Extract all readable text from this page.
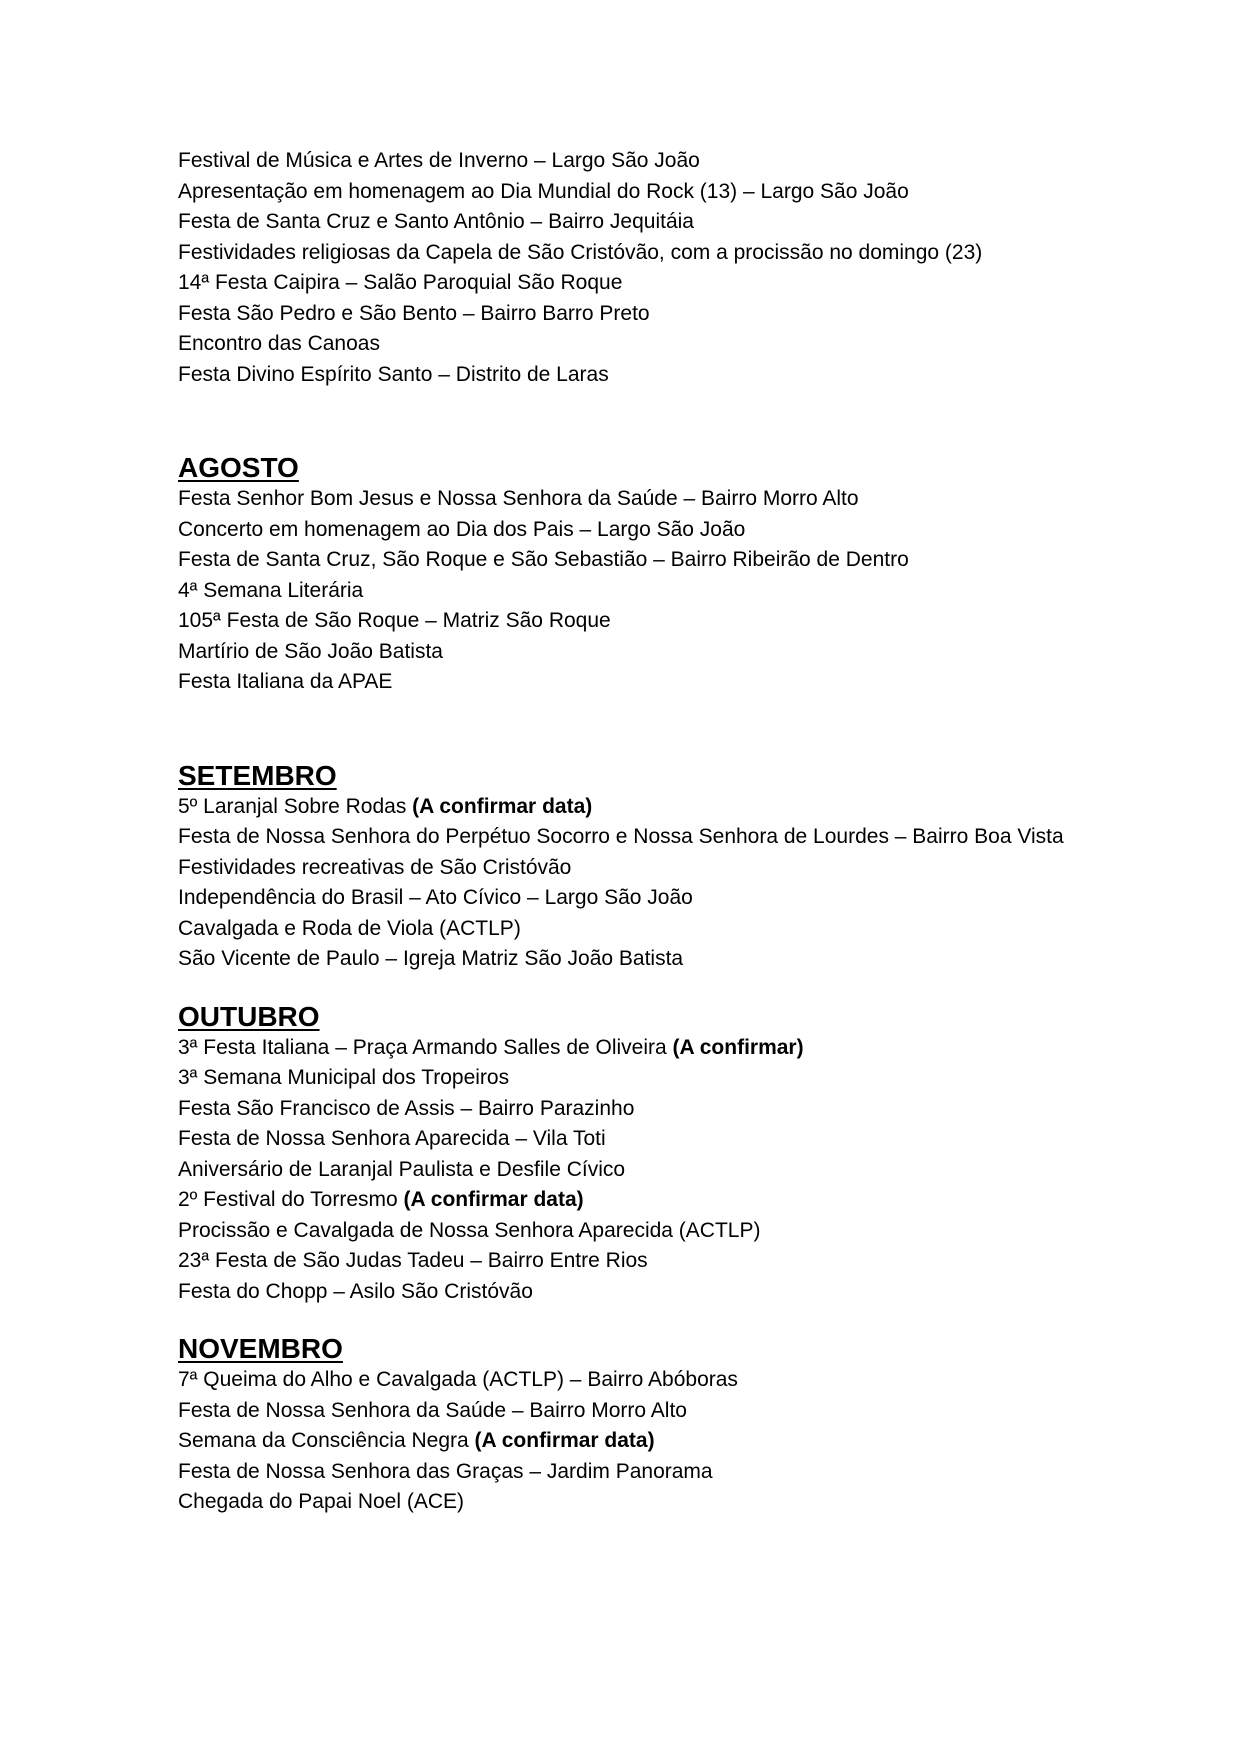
Festival de Música e Artes de Inverno – Largo São João

Apresentação em homenagem ao Dia Mundial do Rock (13) – Largo São João

Festa de Santa Cruz e Santo Antônio – Bairro Jequitáia

Festividades religiosas da Capela de São Cristóvão, com a procissão no domingo (23)

14ª Festa Caipira – Salão Paroquial São Roque

Festa São Pedro e São Bento – Bairro Barro Preto

Encontro das Canoas

Festa Divino Espírito Santo – Distrito de Laras

AGOSTO

Festa Senhor Bom Jesus e Nossa Senhora da Saúde – Bairro Morro Alto

Concerto em homenagem ao Dia dos Pais – Largo São João

Festa de Santa Cruz, São Roque e São Sebastião – Bairro Ribeirão de Dentro

4ª Semana Literária

105ª Festa de São Roque – Matriz São Roque

Martírio de São João Batista

Festa Italiana da APAE

SETEMBRO

5º Laranjal Sobre Rodas (A confirmar data)

Festa de Nossa Senhora do Perpétuo Socorro e Nossa Senhora de Lourdes – Bairro Boa Vista

Festividades recreativas de São Cristóvão

Independência do Brasil – Ato Cívico – Largo São João

Cavalgada e Roda de Viola (ACTLP)

São Vicente de Paulo – Igreja Matriz São João Batista

OUTUBRO

3ª Festa Italiana – Praça Armando Salles de Oliveira (A confirmar)

3ª Semana Municipal dos Tropeiros

Festa São Francisco de Assis – Bairro Parazinho

Festa de Nossa Senhora Aparecida – Vila Toti

Aniversário de Laranjal Paulista e Desfile Cívico

2º Festival do Torresmo (A confirmar data)

Procissão e Cavalgada de Nossa Senhora Aparecida (ACTLP)

23ª Festa de São Judas Tadeu – Bairro Entre Rios

Festa do Chopp – Asilo São Cristóvão

NOVEMBRO

7ª Queima do Alho e Cavalgada (ACTLP) – Bairro Abóboras

Festa de Nossa Senhora da Saúde – Bairro Morro Alto

Semana da Consciência Negra (A confirmar data)

Festa de Nossa Senhora das Graças – Jardim Panorama

Chegada do Papai Noel (ACE)
